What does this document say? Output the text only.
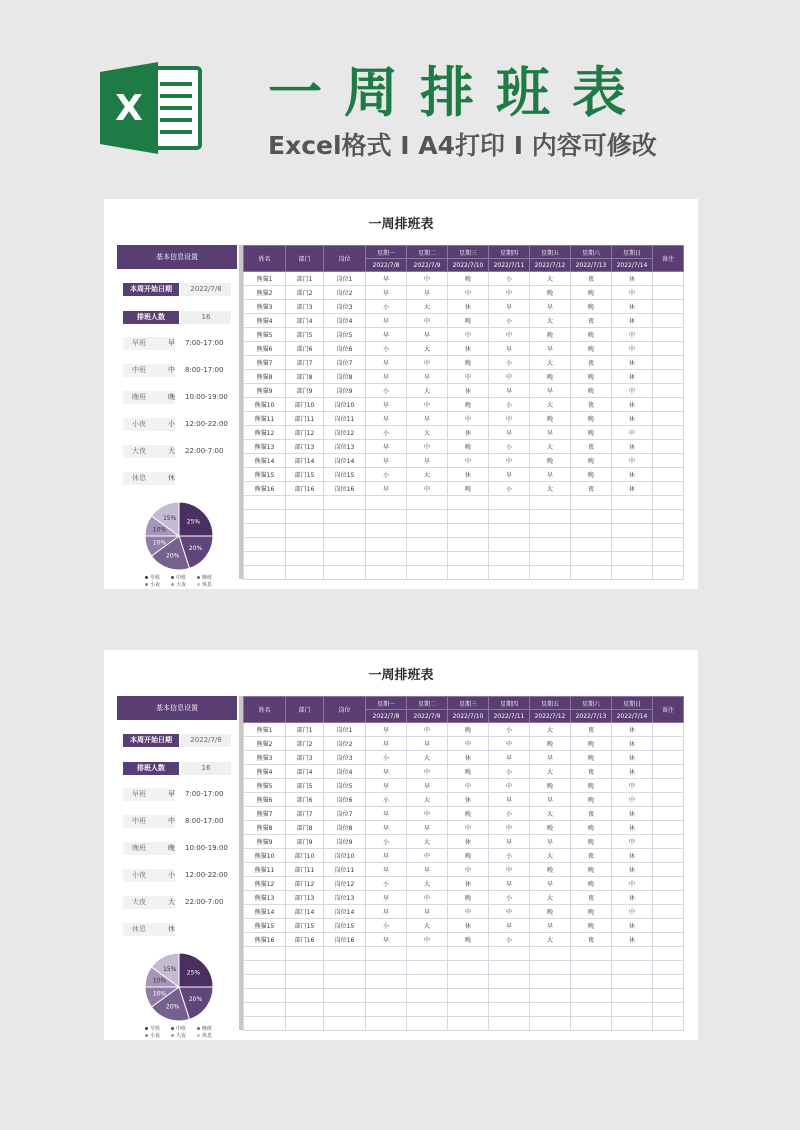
X 一周排班表
Excel格式 I A4打印 I 内容可修改
一周排班表
基本信息设置
本周开始日期	2022/7/8
排班人数	16
早班	早 7:00-17:00
中班	中 8:00-17:00
晚班	晚 10:00-19:00
小夜	小 12:00-22:00
大夜	大 22:00-7:00
休息	休
25%
20%
20%
10%
10%
15%
早班	中班	晚班小夜	大夜	休息
姓名	部门	岗位	星期一	星期二	星期三	星期四	星期五	星期六	星期日	备注
			2022/7/8	2022/7/9	2022/7/10	2022/7/11	2022/7/12	2022/7/13	2022/7/14	
熊猫1	部门1	岗位1	早	中	晚	小	大	夜	休	
熊猫2	部门2	岗位2	早	早	中	中	晚	晚	中	
熊猫3	部门3	岗位3	小	大	休	早	早	晚	休	
熊猫4	部门4	岗位4	早	中	晚	小	大	夜	休	
熊猫5	部门5	岗位5	早	早	中	中	晚	晚	中	
熊猫6	部门6	岗位6	小	大	休	早	早	晚	中	
熊猫7	部门7	岗位7	早	中	晚	小	大	夜	休	
熊猫8	部门8	岗位8	早	早	中	中	晚	晚	休	
熊猫9	部门9	岗位9	小	大	休	早	早	晚	中	
熊猫10	部门10	岗位10	早	中	晚	小	大	夜	休	
熊猫11	部门11	岗位11	早	早	中	中	晚	晚	休	
熊猫12	部门12	岗位12	小	大	休	早	早	晚	中	
熊猫13	部门13	岗位13	早	中	晚	小	大	夜	休	
熊猫14	部门14	岗位14	早	早	中	中	晚	晚	中	
熊猫15	部门15	岗位15	小	大	休	早	早	晚	休	
熊猫16	部门16	岗位16	早	中	晚	小	大	夜	休	

一周排班表
基本信息设置
本周开始日期	2022/7/8
排班人数	16
早班	早 7:00-17:00
中班	中 8:00-17:00
晚班	晚 10:00-19:00
小夜	小 12:00-22:00
大夜	大 22:00-7:00
休息	休
25%
20%
20%
10%
10%
15%
早班	中班	晚班小夜	大夜	休息
姓名	部门	岗位	星期一	星期二	星期三	星期四	星期五	星期六	星期日	备注
			2022/7/8	2022/7/9	2022/7/10	2022/7/11	2022/7/12	2022/7/13	2022/7/14	
熊猫1	部门1	岗位1	早	中	晚	小	大	夜	休	
熊猫2	部门2	岗位2	早	早	中	中	晚	晚	休	
熊猫3	部门3	岗位3	小	大	休	早	早	晚	休	
熊猫4	部门4	岗位4	早	中	晚	小	大	夜	休	
熊猫5	部门5	岗位5	早	早	中	中	晚	晚	中	
熊猫6	部门6	岗位6	小	大	休	早	早	晚	中	
熊猫7	部门7	岗位7	早	中	晚	小	大	夜	休	
熊猫8	部门8	岗位8	早	早	中	中	晚	晚	休	
熊猫9	部门9	岗位9	小	大	休	早	早	晚	中	
熊猫10	部门10	岗位10	早	中	晚	小	大	夜	休	
熊猫11	部门11	岗位11	早	早	中	中	晚	晚	休	
熊猫12	部门12	岗位12	小	大	休	早	早	晚	中	
熊猫13	部门13	岗位13	早	中	晚	小	大	夜	休	
熊猫14	部门14	岗位14	早	早	中	中	晚	晚	中	
熊猫15	部门15	岗位15	小	大	休	早	早	晚	休	
熊猫16	部门16	岗位16	早	中	晚	小	大	夜	休	
